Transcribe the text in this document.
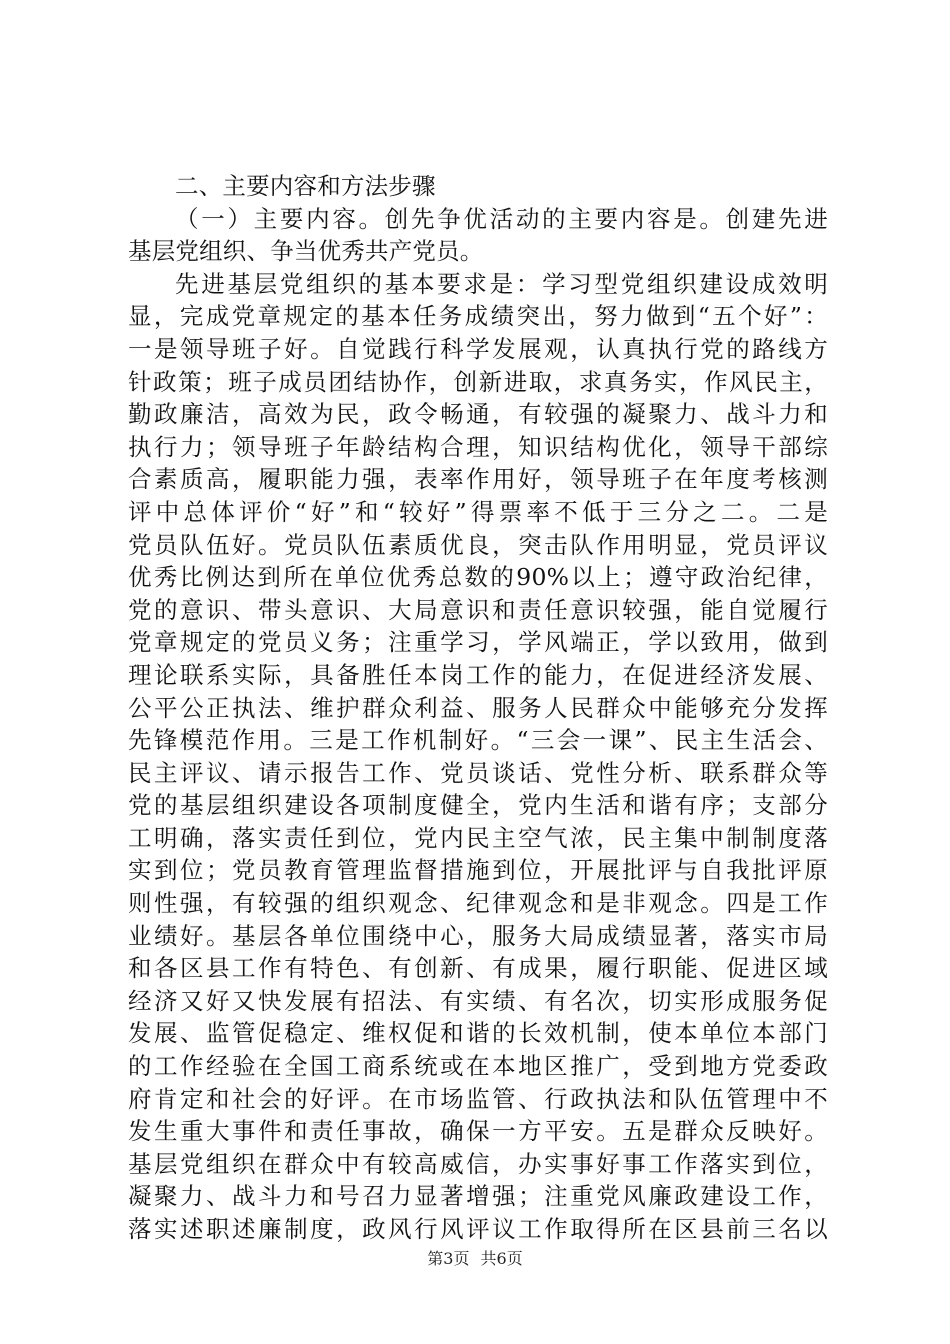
二、主要内容和方法步骤
（一）主要内容。创先争优活动的主要内容是。创建先进
基层党组织、争当优秀共产党员。
先进基层党组织的基本要求是：学习型党组织建设成效明
显，完成党章规定的基本任务成绩突出，努力做到“五个好”：
一是领导班子好。自觉践行科学发展观，认真执行党的路线方
针政策；班子成员团结协作，创新进取，求真务实，作风民主，
勤政廉洁，高效为民，政令畅通，有较强的凝聚力、战斗力和
执行力；领导班子年龄结构合理，知识结构优化，领导干部综
合素质高，履职能力强，表率作用好，领导班子在年度考核测
评中总体评价“好”和“较好”得票率不低于三分之二。二是
党员队伍好。党员队伍素质优良，突击队作用明显，党员评议
优秀比例达到所在单位优秀总数的90%以上；遵守政治纪律，
党的意识、带头意识、大局意识和责任意识较强，能自觉履行
党章规定的党员义务；注重学习，学风端正，学以致用，做到
理论联系实际，具备胜任本岗工作的能力，在促进经济发展、
公平公正执法、维护群众利益、服务人民群众中能够充分发挥
先锋模范作用。三是工作机制好。“三会一课”、民主生活会、
民主评议、请示报告工作、党员谈话、党性分析、联系群众等
党的基层组织建设各项制度健全，党内生活和谐有序；支部分
工明确，落实责任到位，党内民主空气浓，民主集中制制度落
实到位；党员教育管理监督措施到位，开展批评与自我批评原
则性强，有较强的组织观念、纪律观念和是非观念。四是工作
业绩好。基层各单位围绕中心，服务大局成绩显著，落实市局
和各区县工作有特色、有创新、有成果，履行职能、促进区域
经济又好又快发展有招法、有实绩、有名次，切实形成服务促
发展、监管促稳定、维权促和谐的长效机制，使本单位本部门
的工作经验在全国工商系统或在本地区推广，受到地方党委政
府肯定和社会的好评。在市场监管、行政执法和队伍管理中不
发生重大事件和责任事故，确保一方平安。五是群众反映好。
基层党组织在群众中有较高威信，办实事好事工作落实到位，
凝聚力、战斗力和号召力显著增强；注重党风廉政建设工作，
落实述职述廉制度，政风行风评议工作取得所在区县前三名以
第3页 共6页
